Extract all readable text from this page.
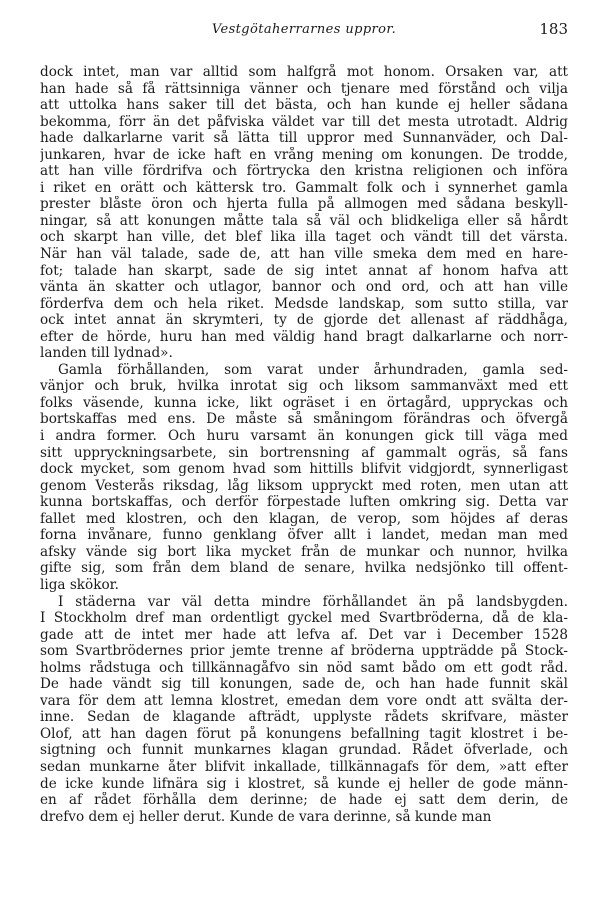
Vestgötaherrarnes uppror.	183
dock intet, man var alltid som halfgrå mot honom. Orsaken var, att
han hade så få rättsinniga vänner och tjenare med förstånd och vilja
att uttolka hans saker till det bästa, och han kunde ej heller sådana
bekomma, förr än det påfviska väldet var till det mesta utrotadt. Aldrig
hade dalkarlarne varit så lätta till uppror med Sunnanväder, och Dal-
junkaren, hvar de icke haft en vrång mening om konungen. De trodde,
att han ville fördrifva och förtrycka den kristna religionen och införa
i riket en orätt och kättersk tro. Gammalt folk och i synnerhet gamla
prester blåste öron och hjerta fulla på allmogen med sådana beskyll-
ningar, så att konungen måtte tala så väl och blidkeliga eller så hårdt
och skarpt han ville, det blef lika illa taget och vändt till det värsta.
När han väl talade, sade de, att han ville smeka dem med en hare-
fot; talade han skarpt, sade de sig intet annat af honom hafva att
vänta än skatter och utlagor, bannor och ond ord, och att han ville
förderfva dem och hela riket. Medsde landskap, som sutto stilla, var
ock intet annat än skrymteri, ty de gjorde det allenast af räddhåga,
efter de hörde, huru han med väldig hand bragt dalkarlarne och norr-
landen till lydnad».
Gamla förhållanden, som varat under århundraden, gamla sed-
vänjor och bruk, hvilka inrotat sig och liksom sammanväxt med ett
folks väsende, kunna icke, likt ogräset i en örtagård, uppryckas och
bortskaffas med ens. De måste så småningom förändras och öfvergå
i andra former. Och huru varsamt än konungen gick till väga med
sitt uppryckningsarbete, sin bortrensning af gammalt ogräs, så fans
dock mycket, som genom hvad som hittills blifvit vidgjordt, synnerligast
genom Vesterås riksdag, låg liksom uppryckt med roten, men utan att
kunna bortskaffas, och derför förpestade luften omkring sig. Detta var
fallet med klostren, och den klagan, de verop, som höjdes af deras
forna invånare, funno genklang öfver allt i landet, medan man med
afsky vände sig bort lika mycket från de munkar och nunnor, hvilka
gifte sig, som från dem bland de senare, hvilka nedsjönko till offent-
liga skökor.
I städerna var väl detta mindre förhållandet än på landsbygden.
I Stockholm dref man ordentligt gyckel med Svartbröderna, då de kla-
gade att de intet mer hade att lefva af. Det var i December 1528
som Svartbrödernes prior jemte trenne af bröderna uppträdde på Stock-
holms rådstuga och tillkännagåfvo sin nöd samt bådo om ett godt råd.
De hade vändt sig till konungen, sade de, och han hade funnit skäl
vara för dem att lemna klostret, emedan dem vore ondt att svälta der-
inne. Sedan de klagande afträdt, upplyste rådets skrifvare, mäster
Olof, att han dagen förut på konungens befallning tagit klostret i be-
sigtning och funnit munkarnes klagan grundad. Rådet öfverlade, och
sedan munkarne åter blifvit inkallade, tillkännagafs för dem, »att efter
de icke kunde lifnära sig i klostret, så kunde ej heller de gode männ-
en af rådet förhålla dem derinne; de hade ej satt dem derin, de
drefvo dem ej heller derut. Kunde de vara derinne, så kunde man
